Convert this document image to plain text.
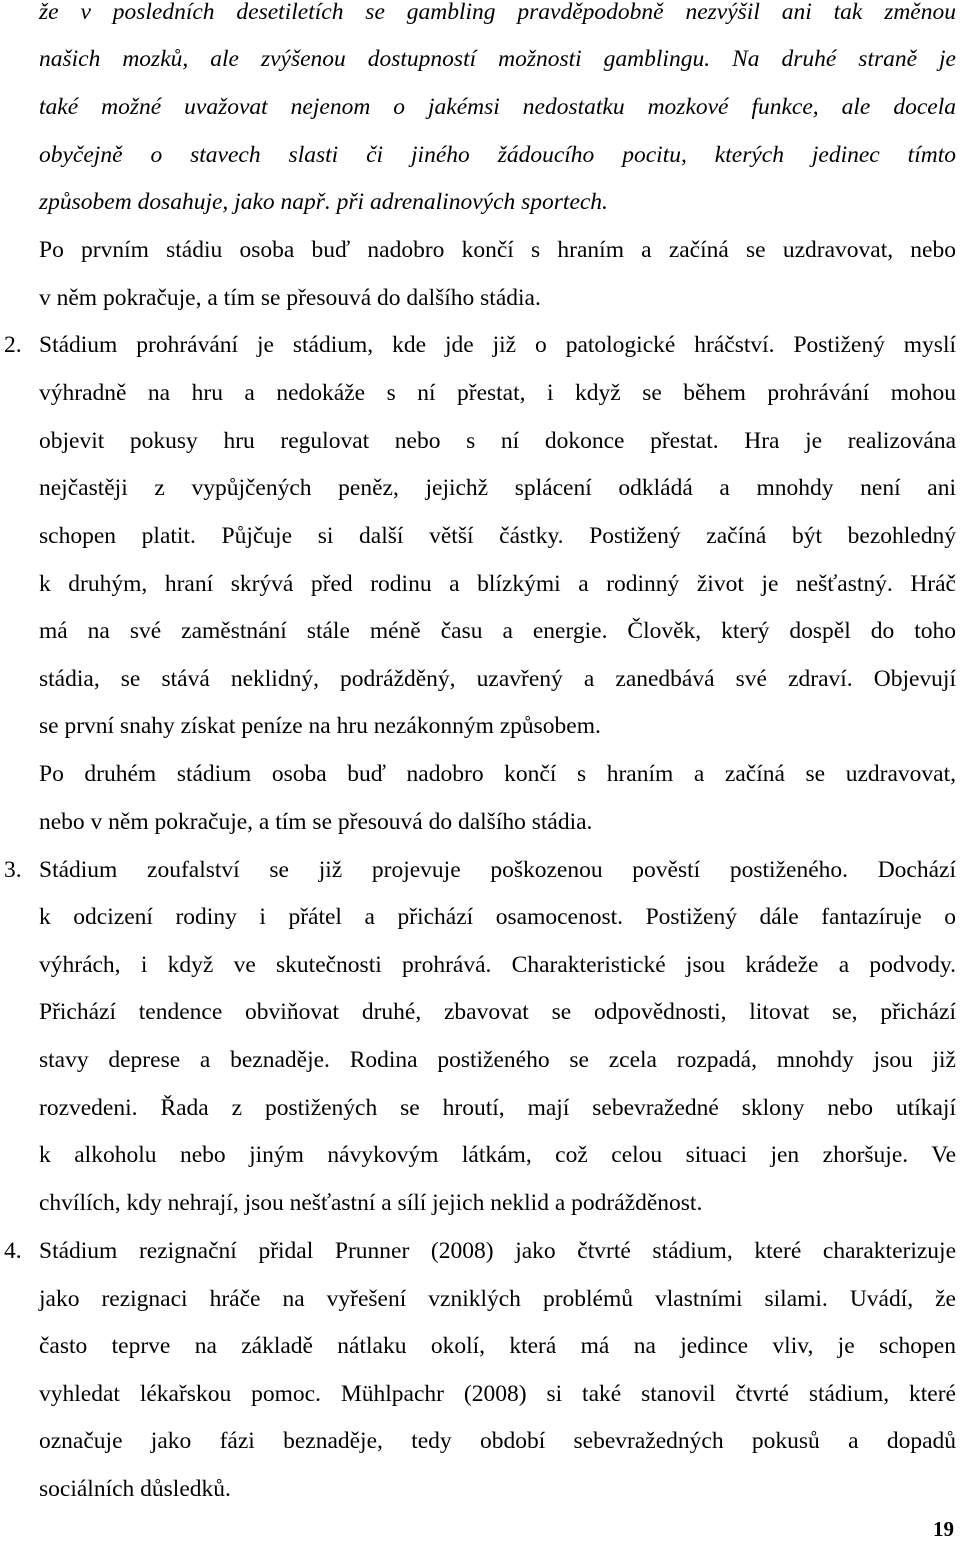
že v posledních desetiletích se gambling pravděpodobně nezvýšil ani tak změnou
našich mozků, ale zvýšenou dostupností možnosti gamblingu. Na druhé straně je
také možné uvažovat nejenom o jakémsi nedostatku mozkové funkce, ale docela
obyčejně o stavech slasti či jiného žádoucího pocitu, kterých jedinec tímto
způsobem dosahuje, jako např. při adrenalinových sportech.
Po prvním stádiu osoba buď nadobro končí s hraním a začíná se uzdravovat, nebo
v něm pokračuje, a tím se přesouvá do dalšího stádia.
2. Stádium prohrávání je stádium, kde jde již o patologické hráčství. Postižený myslí
výhradně na hru a nedokáže s ní přestat, i když se během prohrávání mohou
objevit pokusy hru regulovat nebo s ní dokonce přestat. Hra je realizována
nejčastěji z vypůjčených peněz, jejichž splácení odkládá a mnohdy není ani
schopen platit. Půjčuje si další větší částky. Postižený začíná být bezohledný
k druhým, hraní skrývá před rodinu a blízkými a rodinný život je nešťastný. Hráč
má na své zaměstnání stále méně času a energie. Člověk, který dospěl do toho
stádia, se stává neklidný, podrážděný, uzavřený a zanedbává své zdraví. Objevují
se první snahy získat peníze na hru nezákonným způsobem.
Po druhém stádium osoba buď nadobro končí s hraním a začíná se uzdravovat,
nebo v něm pokračuje, a tím se přesouvá do dalšího stádia.
3. Stádium zoufalství se již projevuje poškozenou pověstí postiženého. Dochází
k odcizení rodiny i přátel a přichází osamocenost. Postižený dále fantazíruje o
výhrách, i když ve skutečnosti prohrává. Charakteristické jsou krádeže a podvody.
Přichází tendence obviňovat druhé, zbavovat se odpovědnosti, litovat se, přichází
stavy deprese a beznaděje. Rodina postiženého se zcela rozpadá, mnohdy jsou již
rozvedeni. Řada z postižených se hroutí, mají sebevražedné sklony nebo utíkají
k alkoholu nebo jiným návykovým látkám, což celou situaci jen zhoršuje. Ve
chvílích, kdy nehrají, jsou nešťastní a sílí jejich neklid a podrážděnost.
4. Stádium rezignační přidal Prunner (2008) jako čtvrté stádium, které charakterizuje
jako rezignaci hráče na vyřešení vzniklých problémů vlastními silami. Uvádí, že
často teprve na základě nátlaku okolí, která má na jedince vliv, je schopen
vyhledat lékařskou pomoc. Mühlpachr (2008) si také stanovil čtvrté stádium, které
označuje jako fázi beznaděje, tedy období sebevražedných pokusů a dopadů
sociálních důsledků.
19
